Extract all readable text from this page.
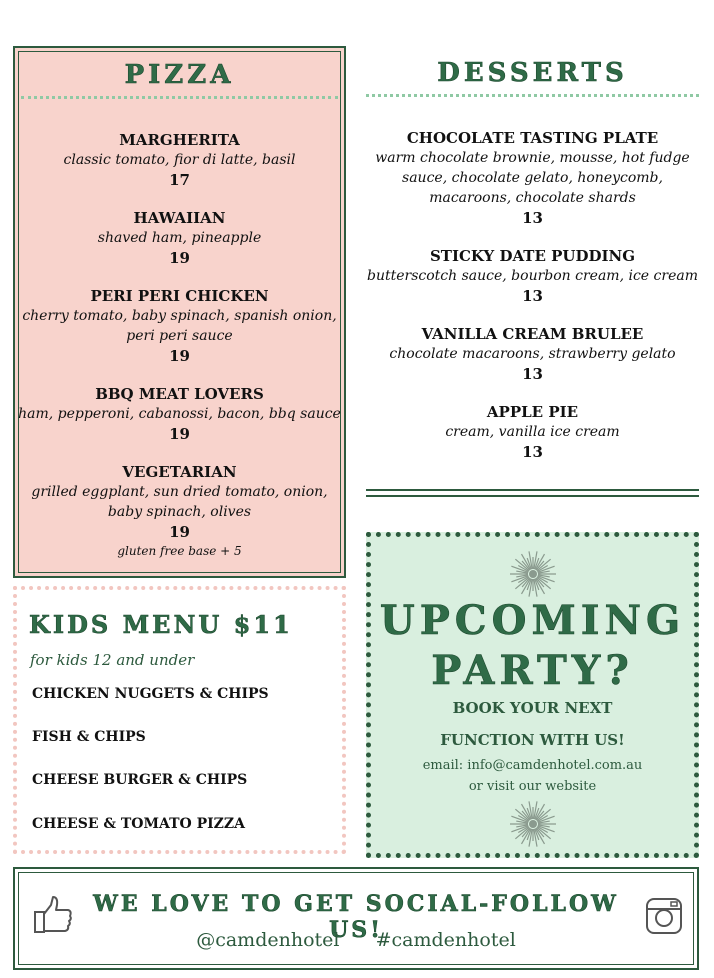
PIZZA
MARGHERITA
classic tomato, fior di latte, basil
17
HAWAIIAN
shaved ham, pineapple
19
PERI PERI CHICKEN
cherry tomato, baby spinach, spanish onion,
peri peri sauce
19
BBQ MEAT LOVERS
ham, pepperoni, cabanossi, bacon, bbq sauce
19
VEGETARIAN
grilled eggplant, sun dried tomato, onion,
baby spinach, olives
19
gluten free base + 5
DESSERTS
CHOCOLATE TASTING PLATE
warm chocolate brownie, mousse, hot fudge
sauce, chocolate gelato, honeycomb,
macaroons, chocolate shards
13
STICKY DATE PUDDING
butterscotch sauce, bourbon cream, ice cream
13
VANILLA CREAM BRULEE
chocolate macaroons, strawberry gelato
13
APPLE PIE
cream, vanilla ice cream
13
KIDS MENU $11
for kids 12 and under
CHICKEN NUGGETS & CHIPS
FISH & CHIPS
CHEESE BURGER & CHIPS
CHEESE & TOMATO PIZZA
UPCOMING
PARTY?
BOOK YOUR NEXT
FUNCTION WITH US!
email: info@camdenhotel.com.au
or visit our website
WE LOVE TO GET SOCIAL-FOLLOW US!
@camdenhotel #camdenhotel
